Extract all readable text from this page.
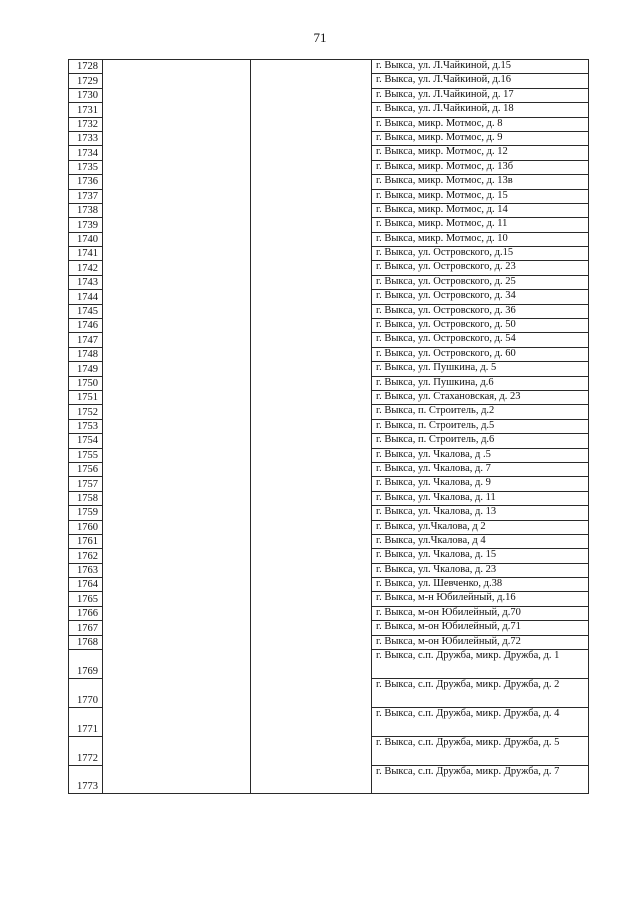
71
1728			г. Выкса, ул. Л.Чайкиной, д.15
1729			г. Выкса, ул. Л.Чайкиной, д.16
1730			г. Выкса, ул. Л.Чайкиной, д. 17
1731			г. Выкса, ул. Л.Чайкиной, д. 18
1732			г. Выкса, микр. Мотмос, д. 8
1733			г. Выкса, микр. Мотмос, д. 9
1734			г. Выкса, микр. Мотмос, д. 12
1735			г. Выкса, микр. Мотмос, д. 13б
1736			г. Выкса, микр. Мотмос, д. 13в
1737			г. Выкса, микр. Мотмос, д. 15
1738			г. Выкса, микр. Мотмос, д. 14
1739			г. Выкса, микр. Мотмос, д. 11
1740			г. Выкса, микр. Мотмос, д. 10
1741			г. Выкса, ул. Островского, д.15
1742			г. Выкса, ул. Островского, д. 23
1743			г. Выкса, ул. Островского, д. 25
1744			г. Выкса, ул. Островского, д. 34
1745			г. Выкса, ул. Островского, д. 36
1746			г. Выкса, ул. Островского, д. 50
1747			г. Выкса, ул. Островского, д. 54
1748			г. Выкса, ул. Островского, д. 60
1749			г. Выкса, ул. Пушкина, д. 5
1750			г. Выкса, ул. Пушкина, д.6
1751			г. Выкса, ул. Стахановская, д. 23
1752			г. Выкса, п. Строитель, д.2
1753			г. Выкса, п. Строитель, д.5
1754			г. Выкса, п. Строитель, д.6
1755			г. Выкса, ул. Чкалова, д .5
1756			г. Выкса, ул. Чкалова, д. 7
1757			г. Выкса, ул. Чкалова, д. 9
1758			г. Выкса, ул. Чкалова, д. 11
1759			г. Выкса, ул. Чкалова, д. 13
1760			г. Выкса, ул.Чкалова, д 2
1761			г. Выкса, ул.Чкалова, д 4
1762			г. Выкса, ул. Чкалова, д. 15
1763			г. Выкса, ул. Чкалова, д. 23
1764			г. Выкса, ул. Шевченко, д.38
1765			г. Выкса, м-н Юбилейный, д.16
1766			г. Выкса, м-он Юбилейный, д.70
1767			г. Выкса, м-он Юбилейный, д.71
1768			г. Выкса, м-он Юбилейный, д.72
1769			г. Выкса, с.п. Дружба, микр. Дружба, д. 1
1770			г. Выкса, с.п. Дружба, микр. Дружба, д. 2
1771			г. Выкса, с.п. Дружба, микр. Дружба, д. 4
1772			г. Выкса, с.п. Дружба, микр. Дружба, д. 5
1773			г. Выкса, с.п. Дружба, микр. Дружба, д. 7
